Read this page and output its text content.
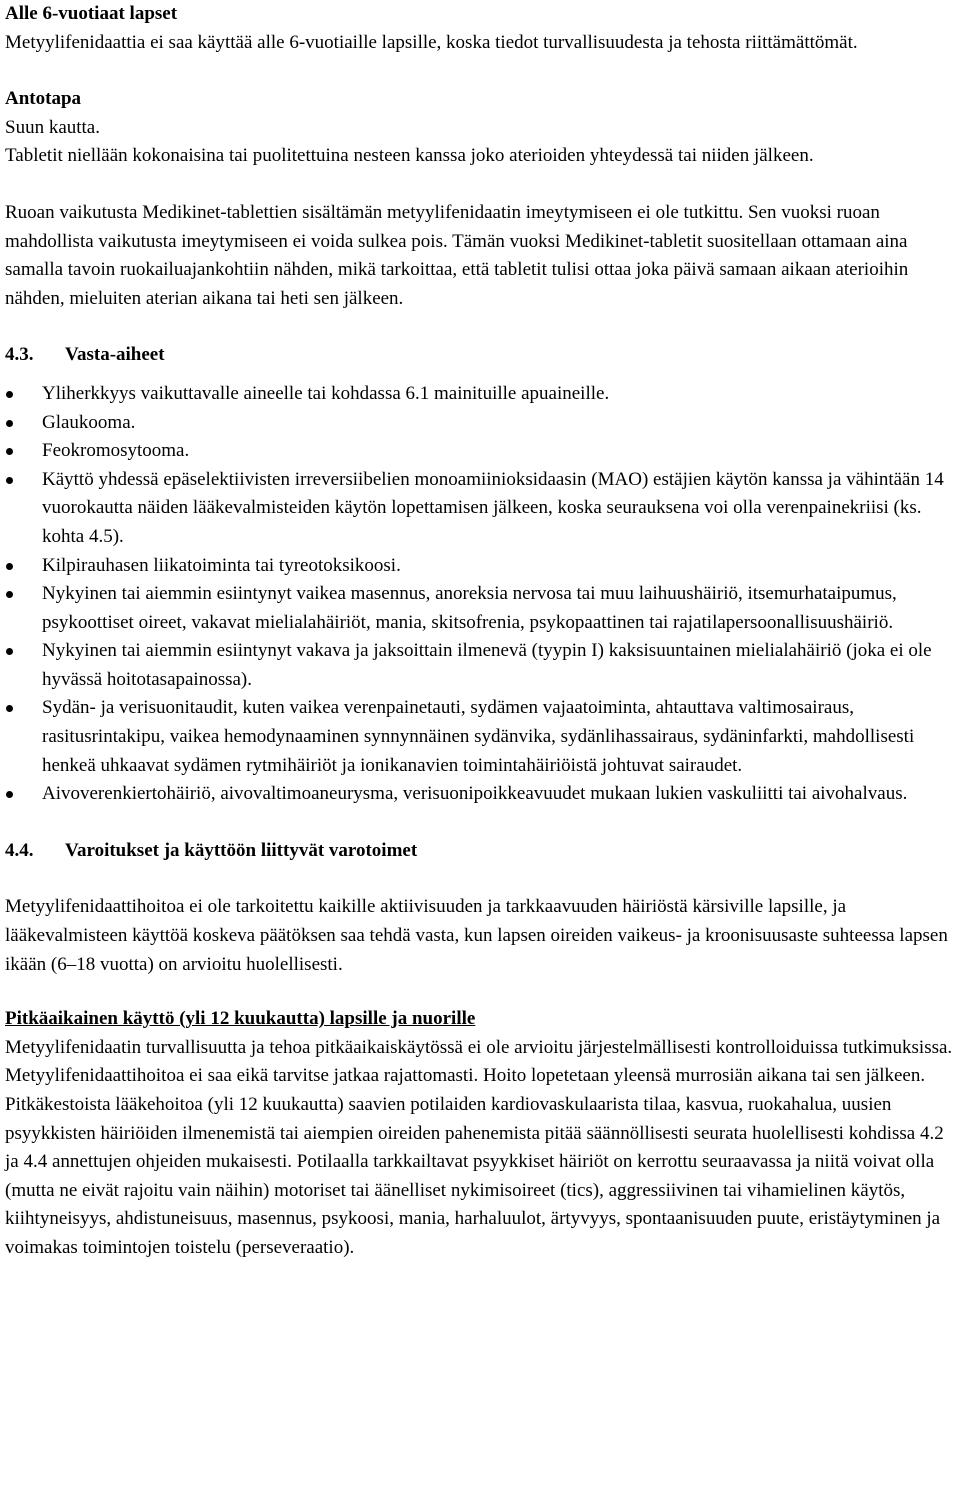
Alle 6-vuotiaat lapset

Metyylifenidaattia ei saa käyttää alle 6-vuotiaille lapsille, koska tiedot turvallisuudesta ja tehosta riittämättömät.

Antotapa

Suun kautta.

Tabletit niellään kokonaisina tai puolitettuina nesteen kanssa joko aterioiden yhteydessä tai niiden jälkeen.

Ruoan vaikutusta Medikinet-tablettien sisältämän metyylifenidaatin imeytymiseen ei ole tutkittu. Sen vuoksi ruoan mahdollista vaikutusta imeytymiseen ei voida sulkea pois. Tämän vuoksi Medikinet-tabletit suositellaan ottamaan aina samalla tavoin ruokailuajankohtiin nähden, mikä tarkoittaa, että tabletit tulisi ottaa joka päivä samaan aikaan aterioihin nähden, mieluiten aterian aikana tai heti sen jälkeen.

4.3.	Vasta-aiheet
Yliherkkyys vaikuttavalle aineelle tai kohdassa 6.1 mainituille apuaineille.
Glaukooma.
Feokromosytooma.
Käyttö yhdessä epäselektiivisten irreversiibelien monoamiinioksidaasin (MAO) estäjien käytön kanssa ja vähintään 14 vuorokautta näiden lääkevalmisteiden käytön lopettamisen jälkeen, koska seurauksena voi olla verenpainekriisi (ks. kohta 4.5).
Kilpirauhasen liikatoiminta tai tyreotoksikoosi.
Nykyinen tai aiemmin esiintynyt vaikea masennus, anoreksia nervosa tai muu laihuushäiriö, itsemurhataipumus, psykoottiset oireet, vakavat mielialahäiriöt, mania, skitsofrenia, psykopaattinen tai rajatilapersoonallisuushäiriö.
Nykyinen tai aiemmin esiintynyt vakava ja jaksoittain ilmenevä (tyypin I) kaksisuuntainen mielialahäiriö (joka ei ole hyvässä hoitotasapainossa).
Sydän- ja verisuonitaudit, kuten vaikea verenpainetauti, sydämen vajaatoiminta, ahtauttava valtimosairaus, rasitusrintakipu, vaikea hemodynaaminen synnynnäinen sydänvika, sydänlihassairaus, sydäninfarkti, mahdollisesti henkeä uhkaavat sydämen rytmihäiriöt ja ionikanavien toimintahäiriöistä johtuvat sairaudet.
Aivoverenkiertohäiriö, aivovaltimoaneurysma, verisuonipoikkeavuudet mukaan lukien vaskuliitti tai aivohalvaus.
4.4.	Varoitukset ja käyttöön liittyvät varotoimet

Metyylifenidaattihoitoa ei ole tarkoitettu kaikille aktiivisuuden ja tarkkaavuuden häiriöstä kärsiville lapsille, ja lääkevalmisteen käyttöä koskeva päätöksen saa tehdä vasta, kun lapsen oireiden vaikeus- ja kroonisuusaste suhteessa lapsen ikään (6–18 vuotta) on arvioitu huolellisesti.

Pitkäaikainen käyttö (yli 12 kuukautta) lapsille ja nuorille

Metyylifenidaatin turvallisuutta ja tehoa pitkäaikaiskäytössä ei ole arvioitu järjestelmällisesti kontrolloiduissa tutkimuksissa. Metyylifenidaattihoitoa ei saa eikä tarvitse jatkaa rajattomasti. Hoito lopetetaan yleensä murrosiän aikana tai sen jälkeen. Pitkäkestoista lääkehoitoa (yli 12 kuukautta) saavien potilaiden kardiovaskulaarista tilaa, kasvua, ruokahalua, uusien psyykkisten häiriöiden ilmenemistä tai aiempien oireiden pahenemista pitää säännöllisesti seurata huolellisesti kohdissa 4.2 ja 4.4 annettujen ohjeiden mukaisesti. Potilaalla tarkkailtavat psyykkiset häiriöt on kerrottu seuraavassa ja niitä voivat olla (mutta ne eivät rajoitu vain näihin) motoriset tai äänelliset nykimisoireet (tics), aggressiivinen tai vihamielinen käytös, kiihtyneisyys, ahdistuneisuus, masennus, psykoosi, mania, harhaluulot, ärtyvyys, spontaanisuuden puute, eristäytyminen ja voimakas toimintojen toistelu (perseveraatio).
